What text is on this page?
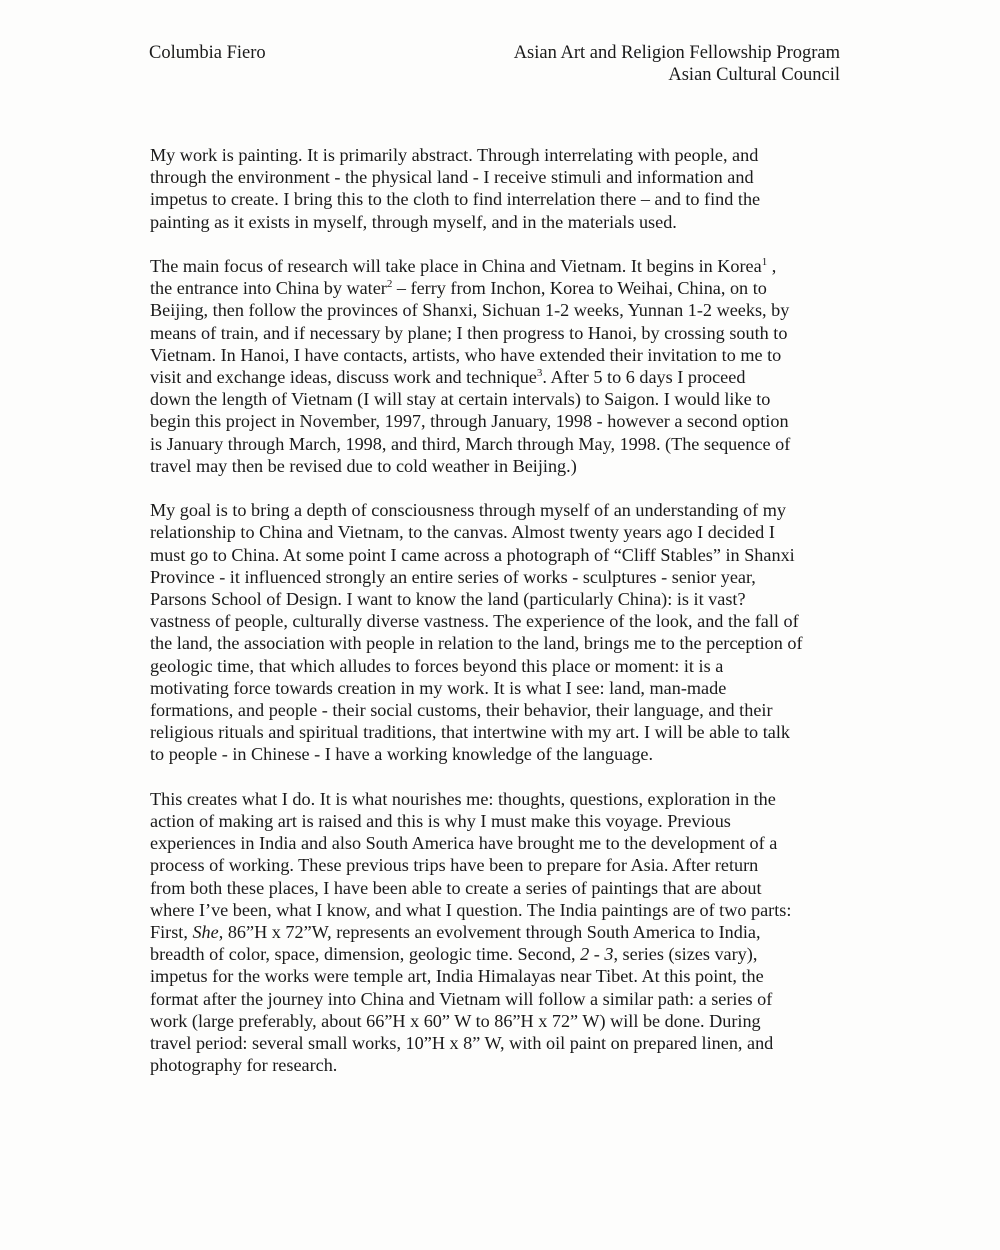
Columbia Fiero	Asian Art and Religion Fellowship Program
Asian Cultural Council
My work is painting. It is primarily abstract. Through interrelating with people, and
through the environment - the physical land - I receive stimuli and information and
impetus to create. I bring this to the cloth to find interrelation there – and to find the
painting as it exists in myself, through myself, and in the materials used.
The main focus of research will take place in China and Vietnam. It begins in Korea$^1$ ,
the entrance into China by water$^2$ – ferry from Inchon, Korea to Weihai, China, on to
Beijing, then follow the provinces of Shanxi, Sichuan 1-2 weeks, Yunnan 1-2 weeks, by
means of train, and if necessary by plane; I then progress to Hanoi, by crossing south to
Vietnam. In Hanoi, I have contacts, artists, who have extended their invitation to me to
visit and exchange ideas, discuss work and technique$^3$. After 5 to 6 days I proceed
down the length of Vietnam (I will stay at certain intervals) to Saigon. I would like to
begin this project in November, 1997, through January, 1998 - however a second option
is January through March, 1998, and third, March through May, 1998. (The sequence of
travel may then be revised due to cold weather in Beijing.)
My goal is to bring a depth of consciousness through myself of an understanding of my
relationship to China and Vietnam, to the canvas. Almost twenty years ago I decided I
must go to China. At some point I came across a photograph of “Cliff Stables” in Shanxi
Province - it influenced strongly an entire series of works - sculptures - senior year,
Parsons School of Design. I want to know the land (particularly China): is it vast?
vastness of people, culturally diverse vastness. The experience of the look, and the fall of
the land, the association with people in relation to the land, brings me to the perception of
geologic time, that which alludes to forces beyond this place or moment: it is a
motivating force towards creation in my work. It is what I see: land, man-made
formations, and people - their social customs, their behavior, their language, and their
religious rituals and spiritual traditions, that intertwine with my art. I will be able to talk
to people - in Chinese - I have a working knowledge of the language.
This creates what I do. It is what nourishes me: thoughts, questions, exploration in the
action of making art is raised and this is why I must make this voyage. Previous
experiences in India and also South America have brought me to the development of a
process of working. These previous trips have been to prepare for Asia. After return
from both these places, I have been able to create a series of paintings that are about
where I’ve been, what I know, and what I question. The India paintings are of two parts:
First, She, 86”H x 72”W, represents an evolvement through South America to India,
breadth of color, space, dimension, geologic time. Second, 2 - 3, series (sizes vary),
impetus for the works were temple art, India Himalayas near Tibet. At this point, the
format after the journey into China and Vietnam will follow a similar path: a series of
work (large preferably, about 66”H x 60” W to 86”H x 72” W) will be done. During
travel period: several small works, 10”H x 8” W, with oil paint on prepared linen, and
photography for research.
